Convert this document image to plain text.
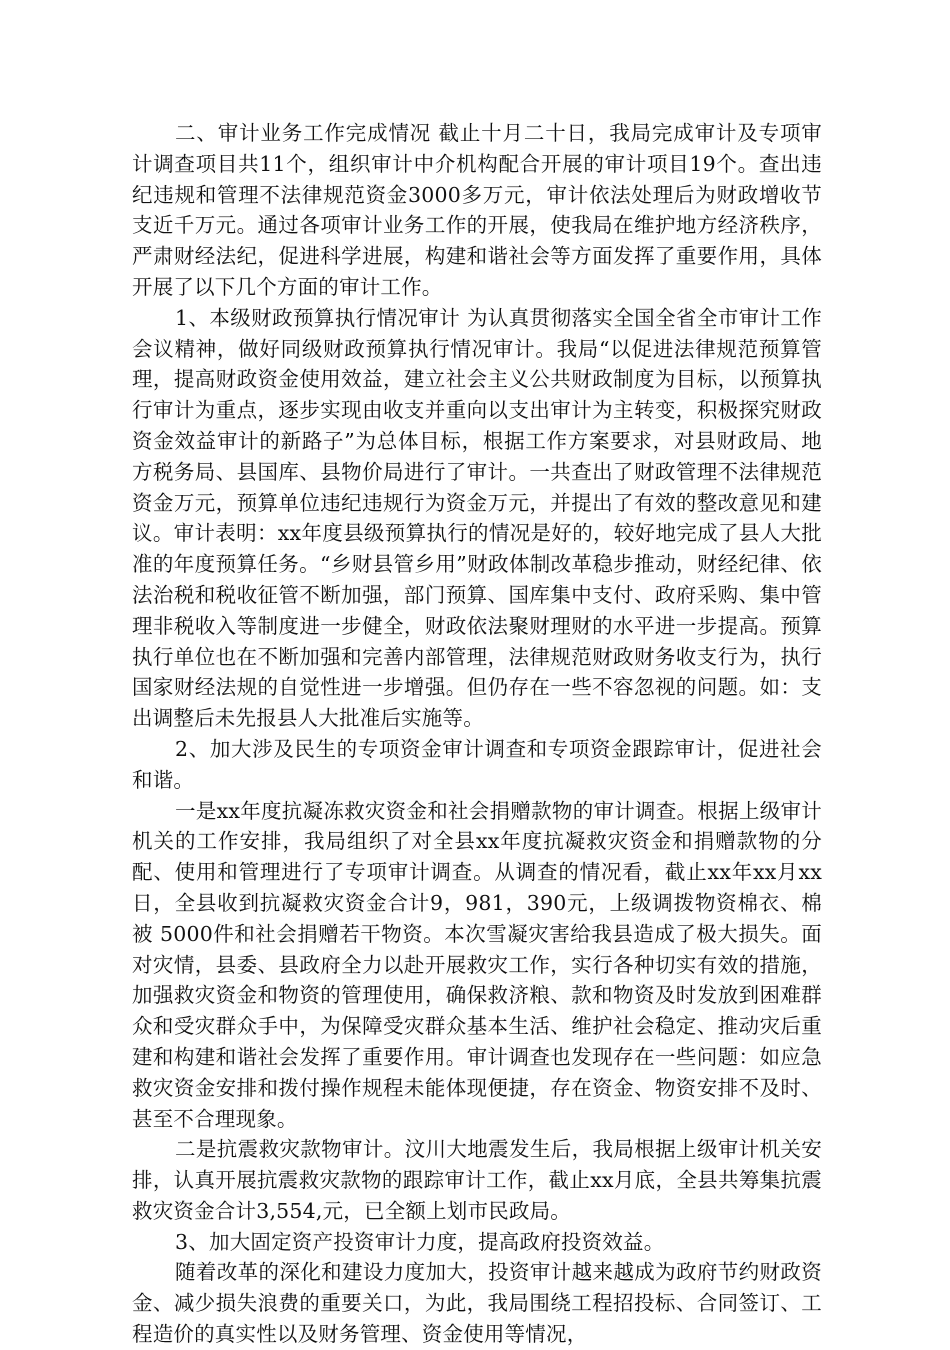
二、审计业务工作完成情况 截止十月二十日，我局完成审计及专项审计调查项目共11个，组织审计中介机构配合开展的审计项目19个。查出违纪违规和管理不法律规范资金3000多万元，审计依法处理后为财政增收节支近千万元。通过各项审计业务工作的开展，使我局在维护地方经济秩序，严肃财经法纪，促进科学进展，构建和谐社会等方面发挥了重要作用，具体开展了以下几个方面的审计工作。

1、本级财政预算执行情况审计 为认真贯彻落实全国全省全市审计工作会议精神，做好同级财政预算执行情况审计。我局“以促进法律规范预算管理，提高财政资金使用效益，建立社会主义公共财政制度为目标，以预算执行审计为重点，逐步实现由收支并重向以支出审计为主转变，积极探究财政资金效益审计的新路子”为总体目标，根据工作方案要求，对县财政局、地方税务局、县国库、县物价局进行了审计。一共查出了财政管理不法律规范资金万元，预算单位违纪违规行为资金万元，并提出了有效的整改意见和建议。审计表明：xx年度县级预算执行的情况是好的，较好地完成了县人大批准的年度预算任务。“乡财县管乡用”财政体制改革稳步推动，财经纪律、依法治税和税收征管不断加强，部门预算、国库集中支付、政府采购、集中管理非税收入等制度进一步健全，财政依法聚财理财的水平进一步提高。预算执行单位也在不断加强和完善内部管理，法律规范财政财务收支行为，执行国家财经法规的自觉性进一步增强。但仍存在一些不容忽视的问题。如：支出调整后未先报县人大批准后实施等。

2、加大涉及民生的专项资金审计调查和专项资金跟踪审计，促进社会和谐。

一是xx年度抗凝冻救灾资金和社会捐赠款物的审计调查。根据上级审计机关的工作安排，我局组织了对全县xx年度抗凝救灾资金和捐赠款物的分配、使用和管理进行了专项审计调查。从调查的情况看，截止xx年xx月xx日，全县收到抗凝救灾资金合计9，981，390元，上级调拨物资棉衣、棉被 5000件和社会捐赠若干物资。本次雪凝灾害给我县造成了极大损失。面对灾情，县委、县政府全力以赴开展救灾工作，实行各种切实有效的措施，加强救灾资金和物资的管理使用，确保救济粮、款和物资及时发放到困难群众和受灾群众手中，为保障受灾群众基本生活、维护社会稳定、推动灾后重建和构建和谐社会发挥了重要作用。审计调查也发现存在一些问题：如应急救灾资金安排和拨付操作规程未能体现便捷，存在资金、物资安排不及时、甚至不合理现象。

二是抗震救灾款物审计。汶川大地震发生后，我局根据上级审计机关安排，认真开展抗震救灾款物的跟踪审计工作，截止xx月底，全县共筹集抗震救灾资金合计3,554,元，已全额上划市民政局。

3、加大固定资产投资审计力度，提高政府投资效益。

随着改革的深化和建设力度加大，投资审计越来越成为政府节约财政资金、减少损失浪费的重要关口，为此，我局围绕工程招投标、合同签订、工程造价的真实性以及财务管理、资金使用等情况，
